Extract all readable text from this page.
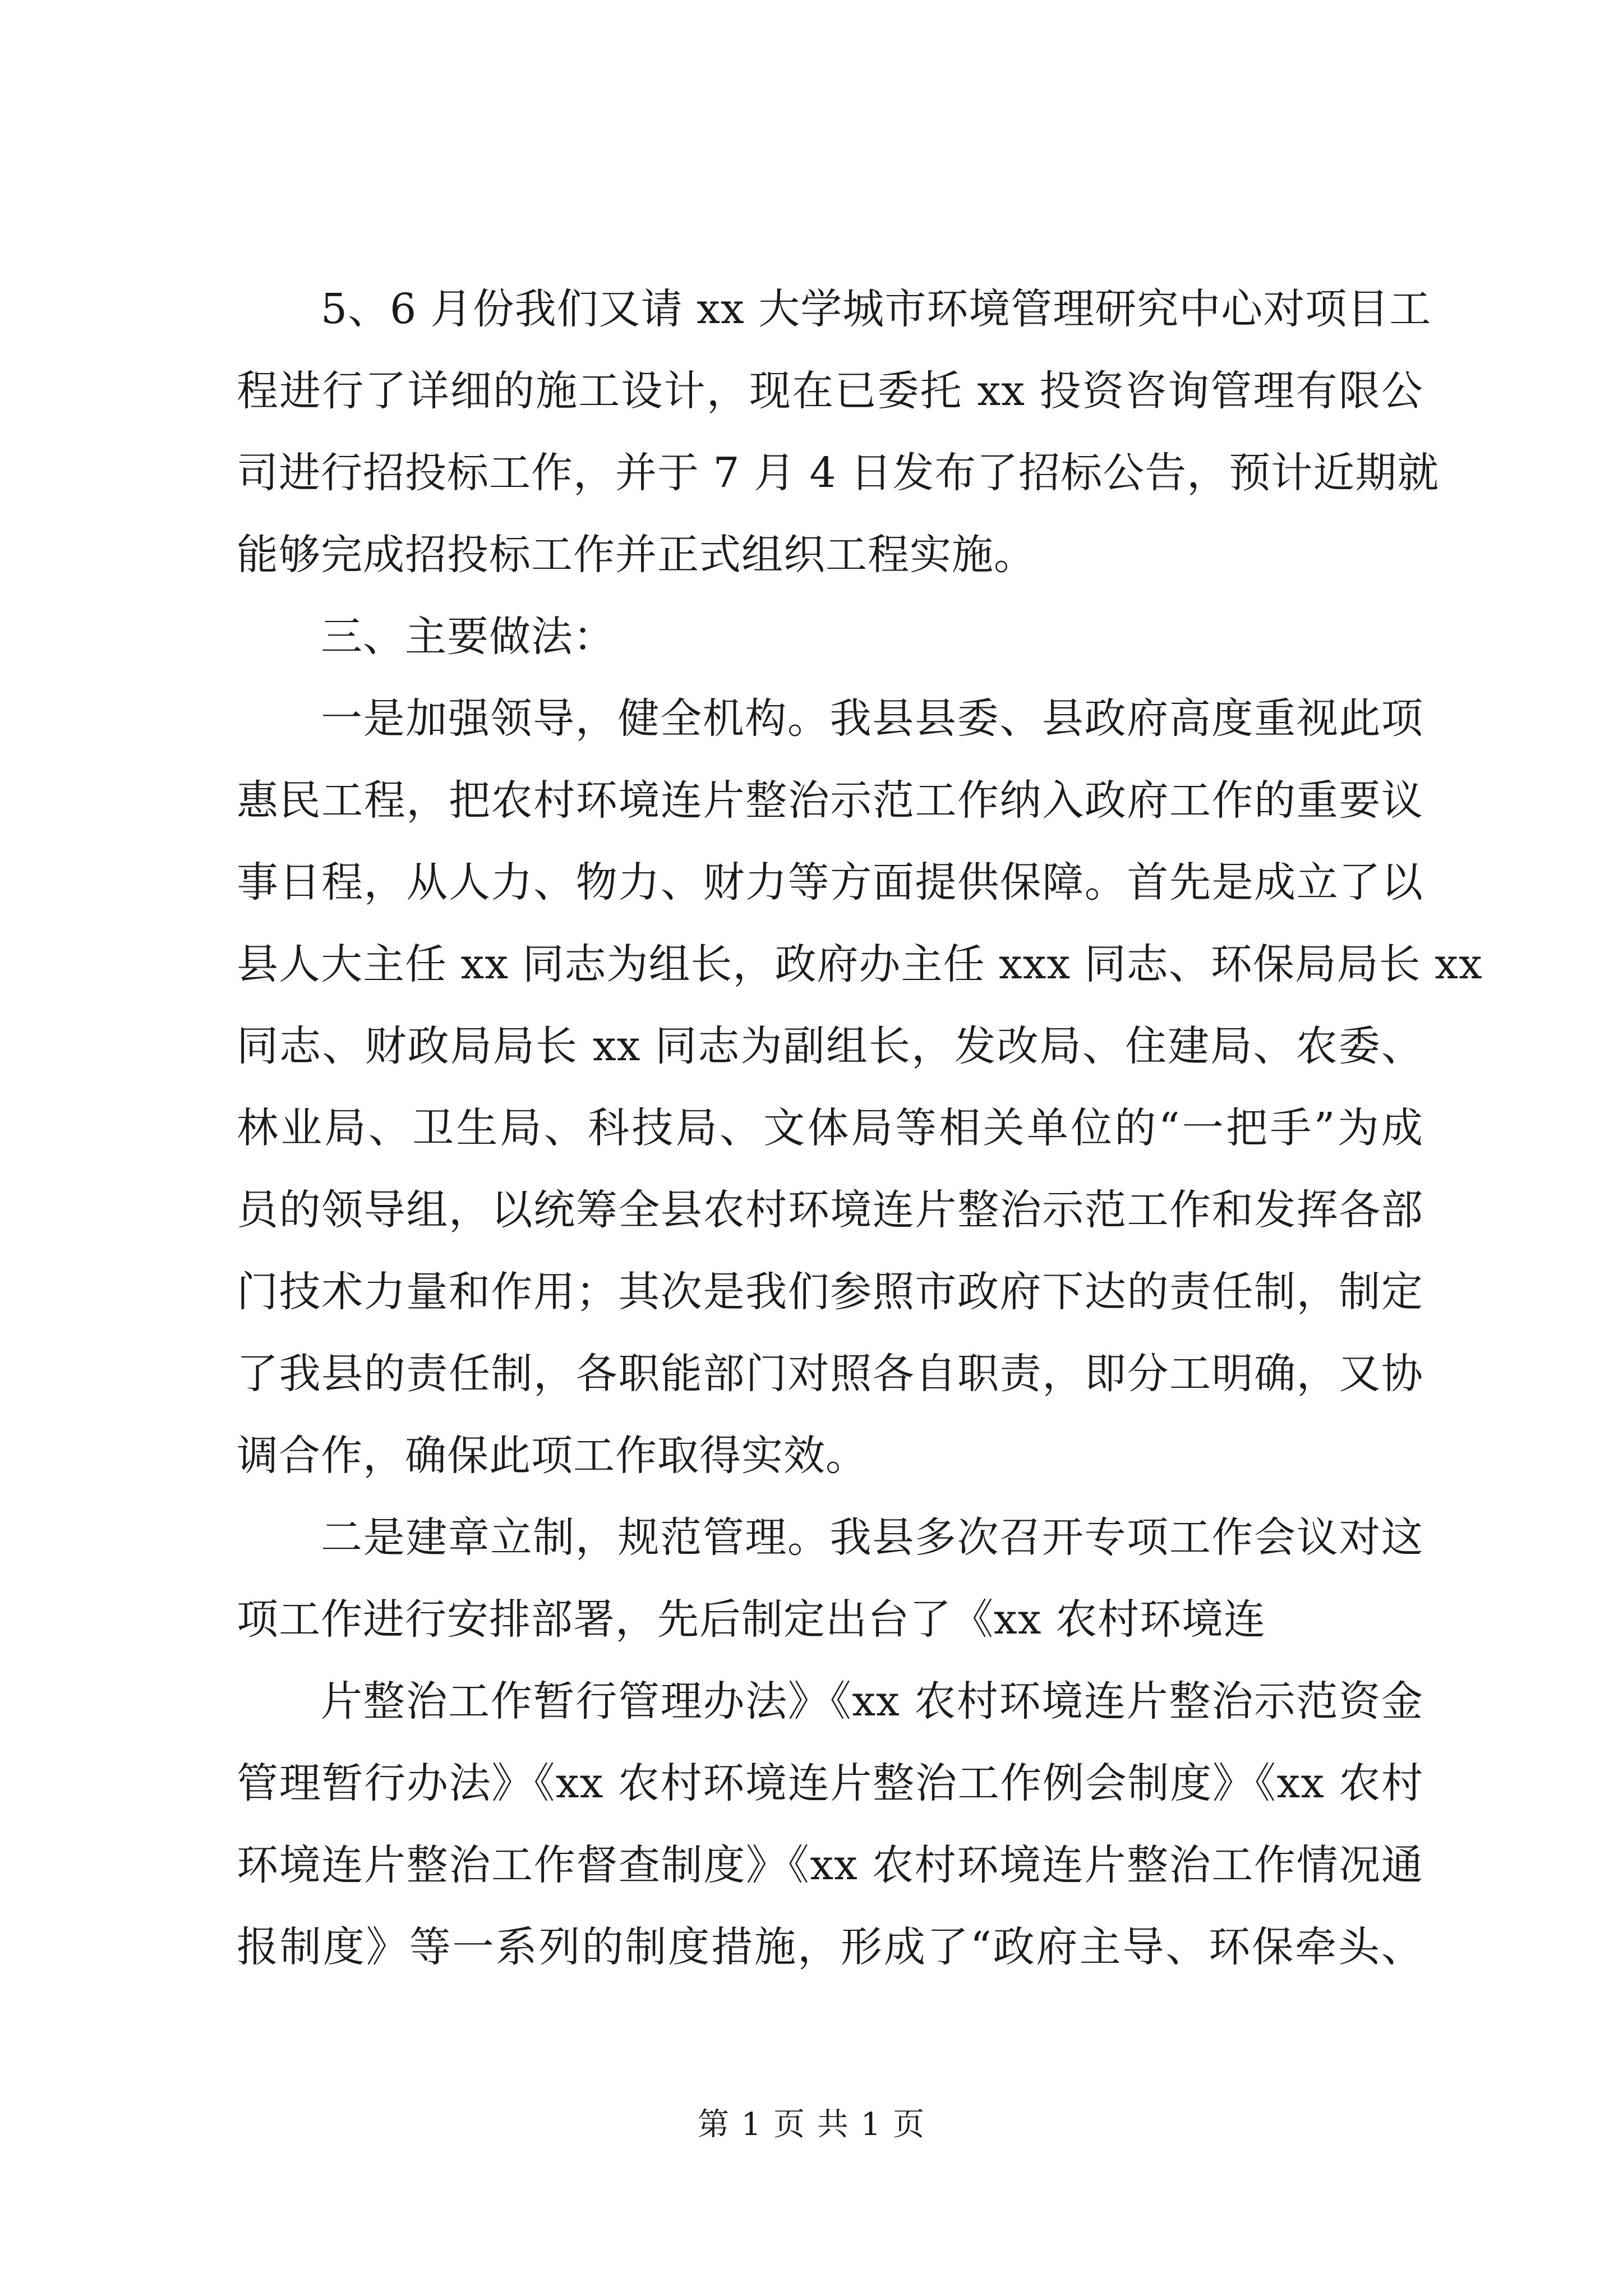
5、6 月份我们又请 xx 大学城市环境管理研究中心对项目工
程进行了详细的施工设计，现在已委托 xx 投资咨询管理有限公
司进行招投标工作，并于 7 月 4 日发布了招标公告，预计近期就
能够完成招投标工作并正式组织工程实施。
三、主要做法：
一是加强领导，健全机构。我县县委、县政府高度重视此项
惠民工程，把农村环境连片整治示范工作纳入政府工作的重要议
事日程，从人力、物力、财力等方面提供保障。首先是成立了以
县人大主任 xx 同志为组长，政府办主任 xxx 同志、环保局局长 xx
同志、财政局局长 xx 同志为副组长，发改局、住建局、农委、
林业局、卫生局、科技局、文体局等相关单位的“一把手”为成
员的领导组，以统筹全县农村环境连片整治示范工作和发挥各部
门技术力量和作用；其次是我们参照市政府下达的责任制，制定
了我县的责任制，各职能部门对照各自职责，即分工明确，又协
调合作，确保此项工作取得实效。
二是建章立制，规范管理。我县多次召开专项工作会议对这
项工作进行安排部署，先后制定出台了《xx 农村环境连
片整治工作暂行管理办法》《xx 农村环境连片整治示范资金
管理暂行办法》《xx 农村环境连片整治工作例会制度》《xx 农村
环境连片整治工作督查制度》《xx 农村环境连片整治工作情况通
报制度》等一系列的制度措施，形成了“政府主导、环保牵头、
第 1 页 共 1 页
